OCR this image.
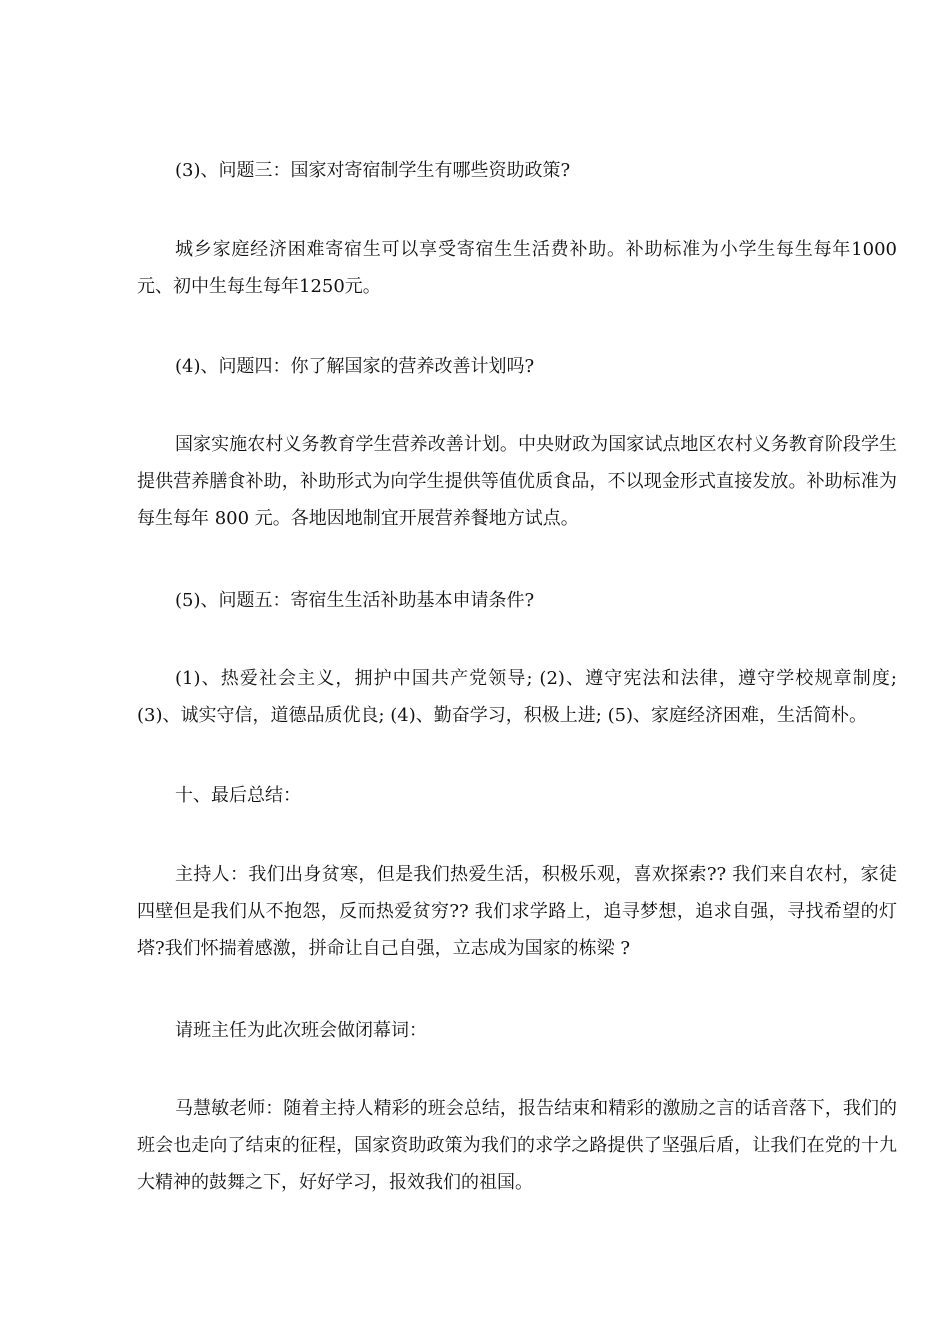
(3)、问题三：国家对寄宿制学生有哪些资助政策?

城乡家庭经济困难寄宿生可以享受寄宿生生活费补助。补助标准为小学生每生每年1000元、初中生每生每年1250元。

(4)、问题四：你了解国家的营养改善计划吗?

国家实施农村义务教育学生营养改善计划。中央财政为国家试点地区农村义务教育阶段学生提供营养膳食补助，补助形式为向学生提供等值优质食品，不以现金形式直接发放。补助标准为每生每年 800 元。各地因地制宜开展营养餐地方试点。

(5)、问题五：寄宿生生活补助基本申请条件?

(1)、热爱社会主义，拥护中国共产党领导; (2)、遵守宪法和法律，遵守学校规章制度; (3)、诚实守信，道德品质优良; (4)、勤奋学习，积极上进; (5)、家庭经济困难，生活简朴。

十、最后总结：

主持人：我们出身贫寒，但是我们热爱生活，积极乐观，喜欢探索?? 我们来自农村，家徒四壁但是我们从不抱怨，反而热爱贫穷?? 我们求学路上，追寻梦想，追求自强，寻找希望的灯塔?我们怀揣着感激，拼命让自己自强，立志成为国家的栋梁 ?

请班主任为此次班会做闭幕词：

马慧敏老师：随着主持人精彩的班会总结，报告结束和精彩的激励之言的话音落下，我们的班会也走向了结束的征程，国家资助政策为我们的求学之路提供了坚强后盾，让我们在党的十九大精神的鼓舞之下，好好学习，报效我们的祖国。
